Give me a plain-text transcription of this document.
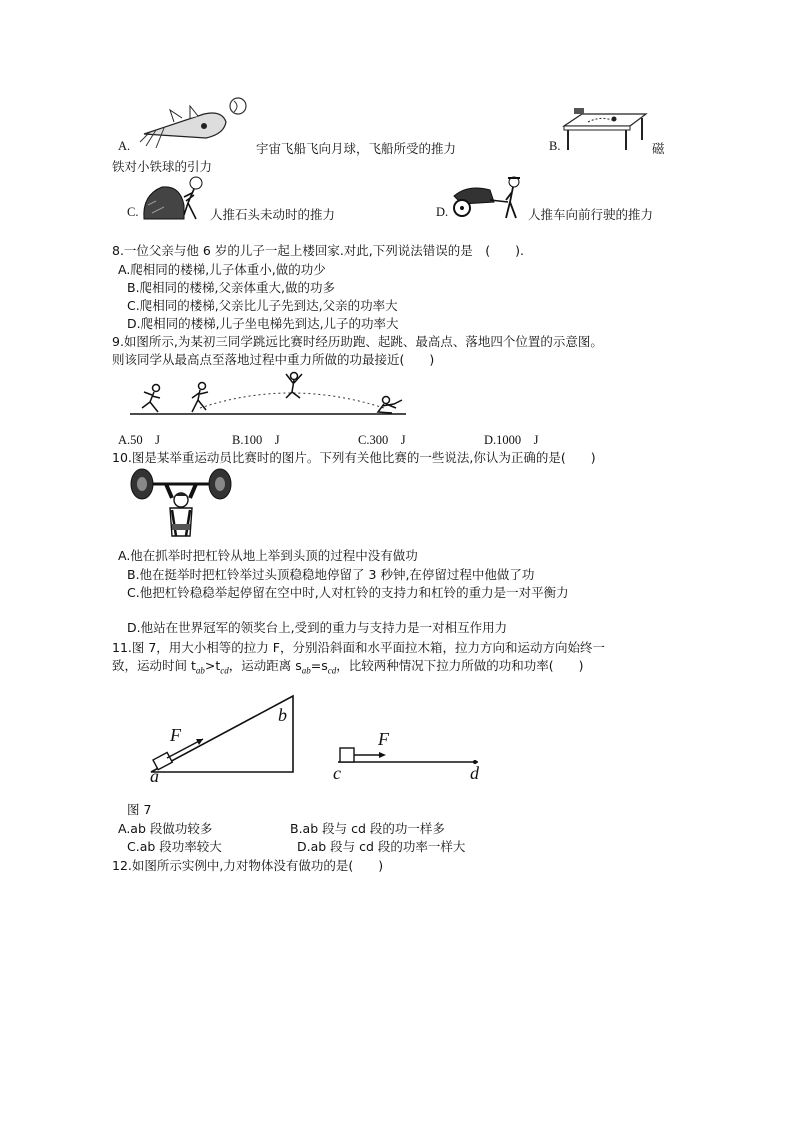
A.	宇宙飞船飞向月球，飞船所受的推力	B.	磁
铁对小铁球的引力
C.	人推石头未动时的推力	D.	人推车向前行驶的推力
8.一位父亲与他 6 岁的儿子一起上楼回家.对此,下列说法错误的是　(　　).
A.爬相同的楼梯,儿子体重小,做的功少
B.爬相同的楼梯,父亲体重大,做的功多
C.爬相同的楼梯,父亲比儿子先到达,父亲的功率大
D.爬相同的楼梯,儿子坐电梯先到达,儿子的功率大
9.如图所示,为某初三同学跳远比赛时经历助跑、起跳、最高点、落地四个位置的示意图。
则该同学从最高点至落地过程中重力所做的功最接近(　　)
A.50　J	B.100　J	C.300　J	D.1000　J
10.图是某举重运动员比赛时的图片。下列有关他比赛的一些说法,你认为正确的是(　　)
A.他在抓举时把杠铃从地上举到头顶的过程中没有做功
B.他在挺举时把杠铃举过头顶稳稳地停留了 3 秒钟,在停留过程中他做了功
C.他把杠铃稳稳举起停留在空中时,人对杠铃的支持力和杠铃的重力是一对平衡力
D.他站在世界冠军的领奖台上,受到的重力与支持力是一对相互作用力
11.图 7，用大小相等的拉力 F，分别沿斜面和水平面拉木箱，拉力方向和运动方向始终一
致，运动时间 $t_{ab}>t_{cd}$，运动距离 $s_{ab}=s_{cd}$，比较两种情况下拉力所做的功和功率(　　)
F
a
b
F
c	d
图 7
A.ab 段做功较多	B.ab 段与 cd 段的功一样多
C.ab 段功率较大	D.ab 段与 cd 段的功率一样大
12.如图所示实例中,力对物体没有做功的是(　　)
